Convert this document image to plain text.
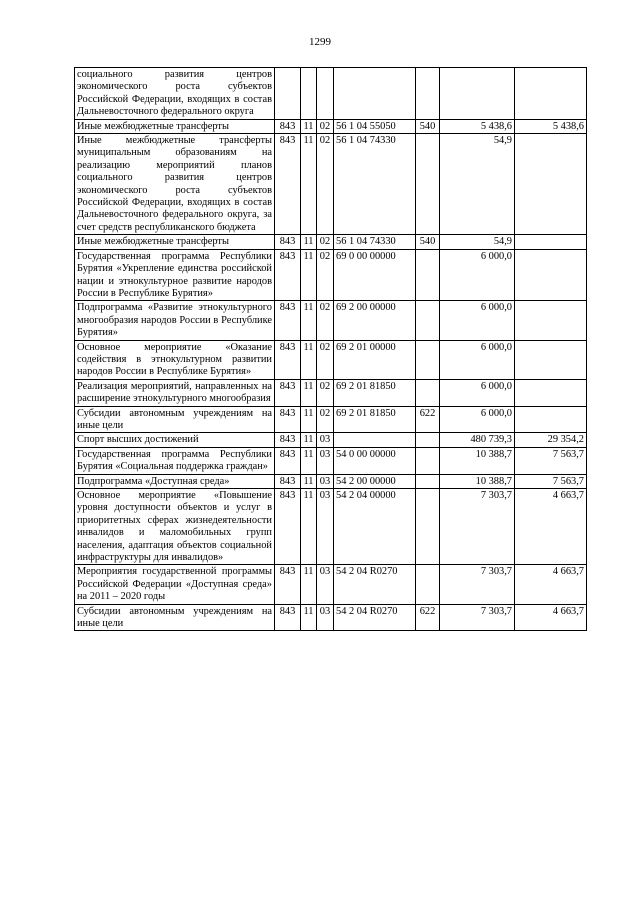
1299
социального развития центров экономического роста субъектов Российской Федерации, входящих в состав Дальневосточного федерального округа							
Иные межбюджетные трансферты	843	11	02	56 1 04 55050	540	5 438,6	5 438,6
Иные межбюджетные трансферты муниципальным образованиям на реализацию мероприятий планов социального развития центров экономического роста субъектов Российской Федерации, входящих в состав Дальневосточного федерального округа, за счет средств республиканского бюджета	843	11	02	56 1 04 74330		54,9	
Иные межбюджетные трансферты	843	11	02	56 1 04 74330	540	54,9	
Государственная программа Республики Бурятия «Укрепление единства российской нации и этнокультурное развитие народов России в Республике Бурятия»	843	11	02	69 0 00 00000		6 000,0	
Подпрограмма «Развитие этнокультурного многообразия народов России в Республике Бурятия»	843	11	02	69 2 00 00000		6 000,0	
Основное мероприятие «Оказание содействия в этнокультурном развитии народов России в Республике Бурятия»	843	11	02	69 2 01 00000		6 000,0	
Реализация мероприятий, направленных на расширение этнокультурного многообразия	843	11	02	69 2 01 81850		6 000,0	
Субсидии автономным учреждениям на иные цели	843	11	02	69 2 01 81850	622	6 000,0	
Спорт высших достижений	843	11	03			480 739,3	29 354,2
Государственная программа Республики Бурятия «Социальная поддержка граждан»	843	11	03	54 0 00 00000		10 388,7	7 563,7
Подпрограмма «Доступная среда»	843	11	03	54 2 00 00000		10 388,7	7 563,7
Основное мероприятие «Повышение уровня доступности объектов и услуг в приоритетных сферах жизнедеятельности инвалидов и маломобильных групп населения, адаптация объектов социальной инфраструктуры для инвалидов»	843	11	03	54 2 04 00000		7 303,7	4 663,7
Мероприятия государственной программы Российской Федерации «Доступная среда» на 2011 – 2020 годы	843	11	03	54 2 04 R0270		7 303,7	4 663,7
Субсидии автономным учреждениям на иные цели	843	11	03	54 2 04 R0270	622	7 303,7	4 663,7
